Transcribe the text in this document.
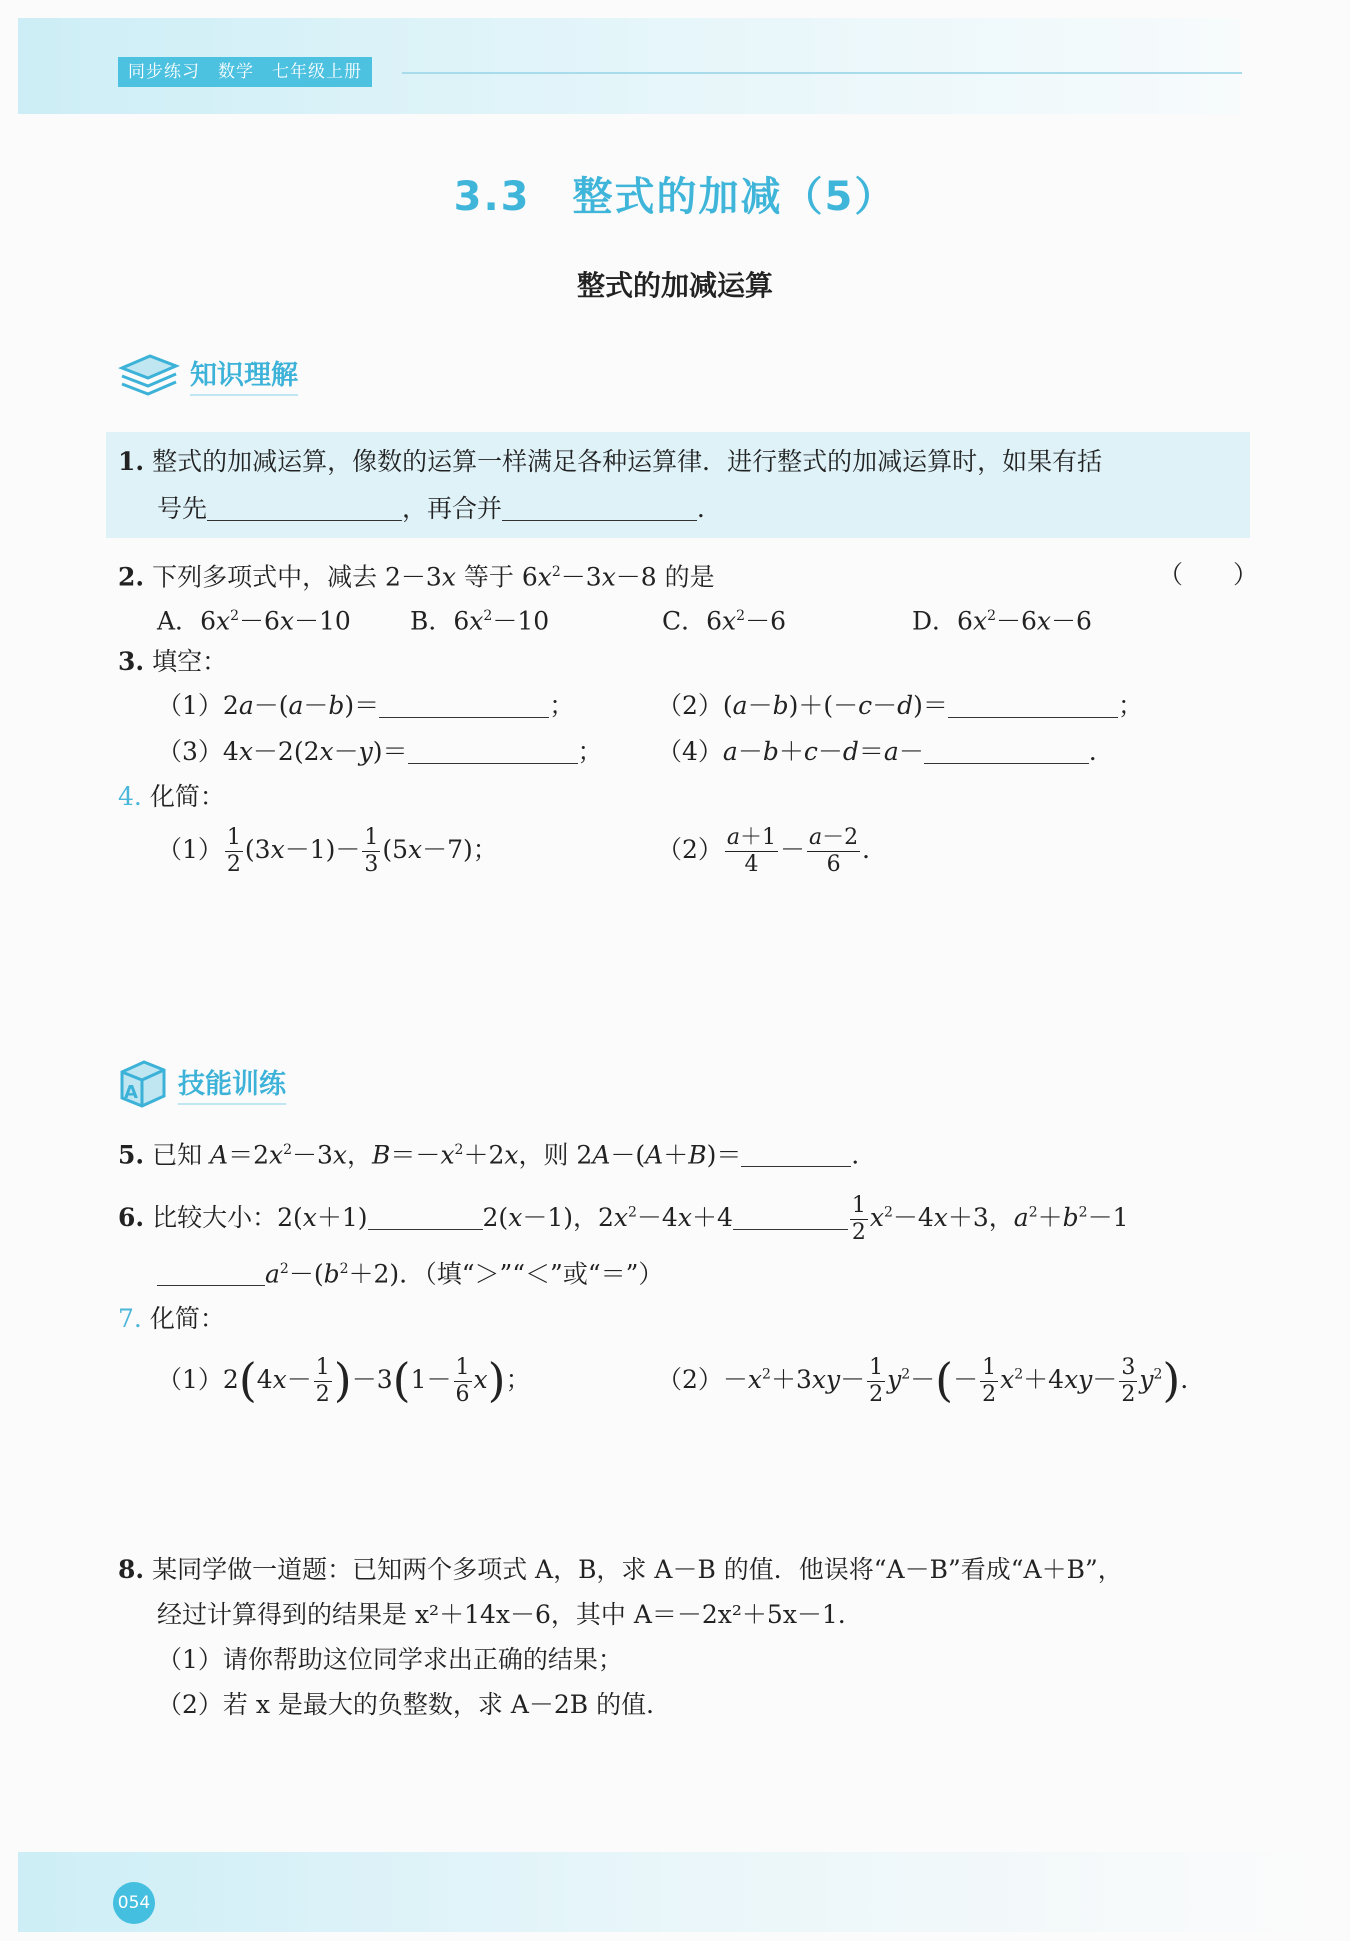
同步练习　数学　七年级上册
3.3　整式的加减（5）
整式的加减运算
知识理解
1. 整式的加减运算，像数的运算一样满足各种运算律．进行整式的加减运算时，如果有括
号先	，再合并	．
2. 下列多项式中，减去 2－3x 等于 $6x^2-3x-8$ 的是	（　　）
A．$6x^2-6x-10$ B．$6x^2-10$	C．$6x^2-6$	D．$6x^2-6x-6$
3. 填空：
（1）2a－(a－b)＝	；	（2）(a－b)＋(－c－d)＝	；
（3）4x－2(2x－y)＝	； （4）a－b＋c－d＝a－	．
4. 化简：
$(1) \frac{1}{2} (3x-1)- \frac{1}{3} (5x-7)$；	$(2) \frac{a+1}{4} - \frac{a-2}{6}$ ．
A 技能训练
5. 已知 $A=2x^2-3x$，$B=-x^2+2x$，则 2A－(A＋B)＝	．
6. 比较大小：2(x＋1)	2(x－1)，$2x^2-4x+4$	$\frac{1}{2} x^2-4x+3$，$a^2+b^2-1$
$a^2-(b^2+2)$．（填“＞”“＜”或“＝”）
7. 化简：
$(1)2(4x- \frac{1}{2} )-3(1- \frac{1}{6} x)$；	$(2)-x^2+3xy- \frac{1}{2} y^2-(- \frac{1}{2} x^2+4xy- \frac{3}{2} y^2)$．
8. 某同学做一道题：已知两个多项式 A，B，求 A－B 的值．他误将“A－B”看成“A＋B”，
经过计算得到的结果是 x²＋14x－6，其中 A＝－2x²＋5x－1．
（1）请你帮助这位同学求出正确的结果；
（2）若 x 是最大的负整数，求 A－2B 的值．
054
